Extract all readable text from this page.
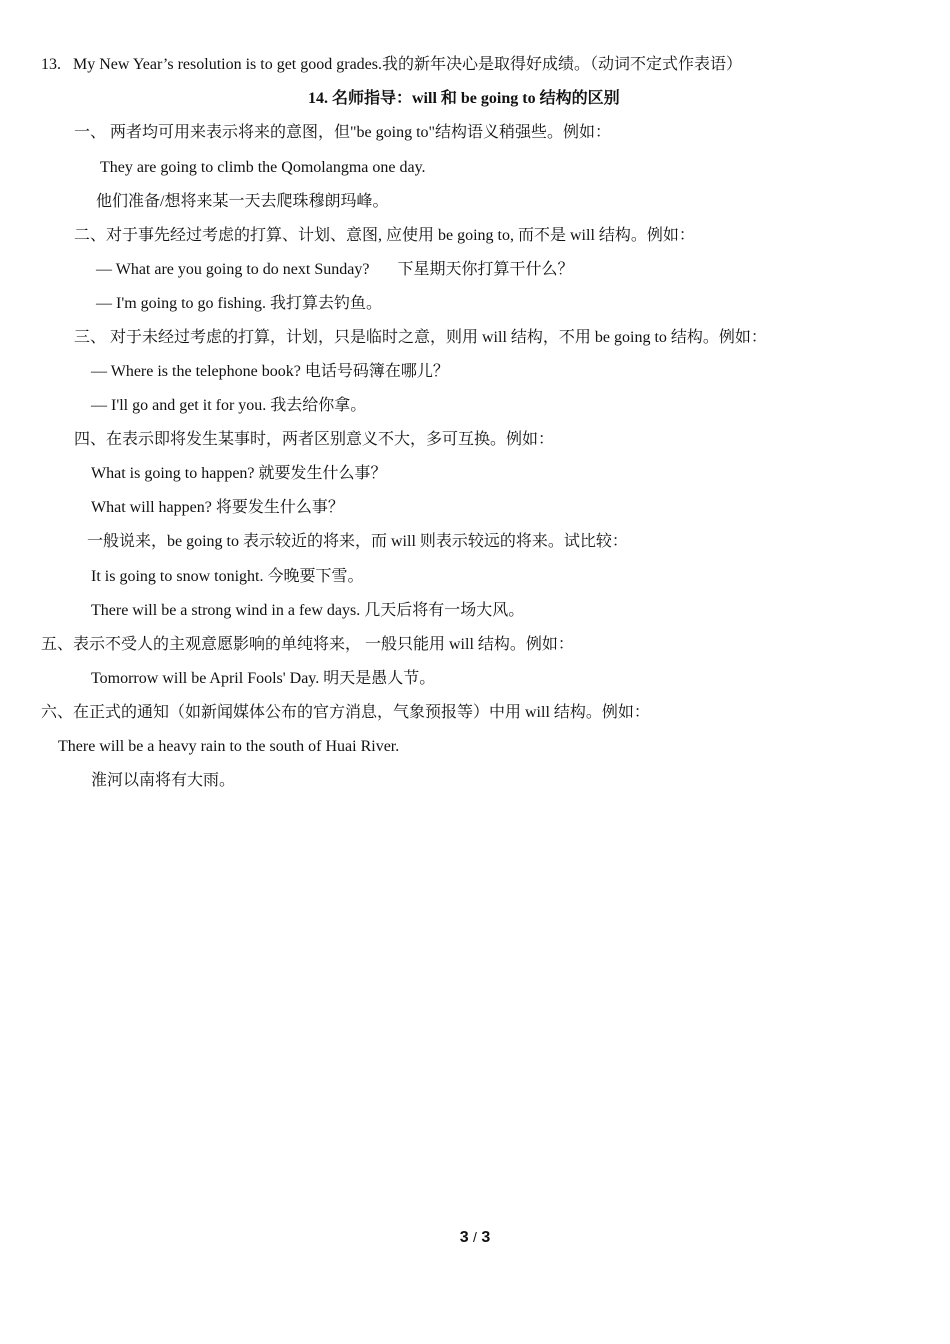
13. My New Year’s resolution is to get good grades.我的新年决心是取得好成绩。（动词不定式作表语）
14. 名师指导：will 和 be going to 结构的区别
一、 两者均可用来表示将来的意图，但"be going to"结构语义稍强些。例如：
They are going to climb the Qomolangma one day.
他们准备/想将来某一天去爬珠穆朗玛峰。
二、对于事先经过考虑的打算、计划、意图, 应使用 be going to, 而不是 will 结构。例如：
— What are you going to do next Sunday? 下星期天你打算干什么？
— I'm going to go fishing. 我打算去钓鱼。
三、 对于未经过考虑的打算，计划，只是临时之意，则用 will 结构，不用 be going to 结构。例如：
— Where is the telephone book? 电话号码簿在哪儿？
— I'll go and get it for you. 我去给你拿。
四、在表示即将发生某事时，两者区别意义不大，多可互换。例如：
What is going to happen? 就要发生什么事？
What will happen? 将要发生什么事？
一般说来，be going to 表示较近的将来，而 will 则表示较远的将来。试比较：
It is going to snow tonight. 今晚要下雪。
There will be a strong wind in a few days. 几天后将有一场大风。
五、表示不受人的主观意愿影响的单纯将来， 一般只能用 will 结构。例如：
Tomorrow will be April Fools' Day. 明天是愚人节。
六、在正式的通知（如新闻媒体公布的官方消息，气象预报等）中用 will 结构。例如：
There will be a heavy rain to the south of Huai River.
淮河以南将有大雨。
3 / 3
